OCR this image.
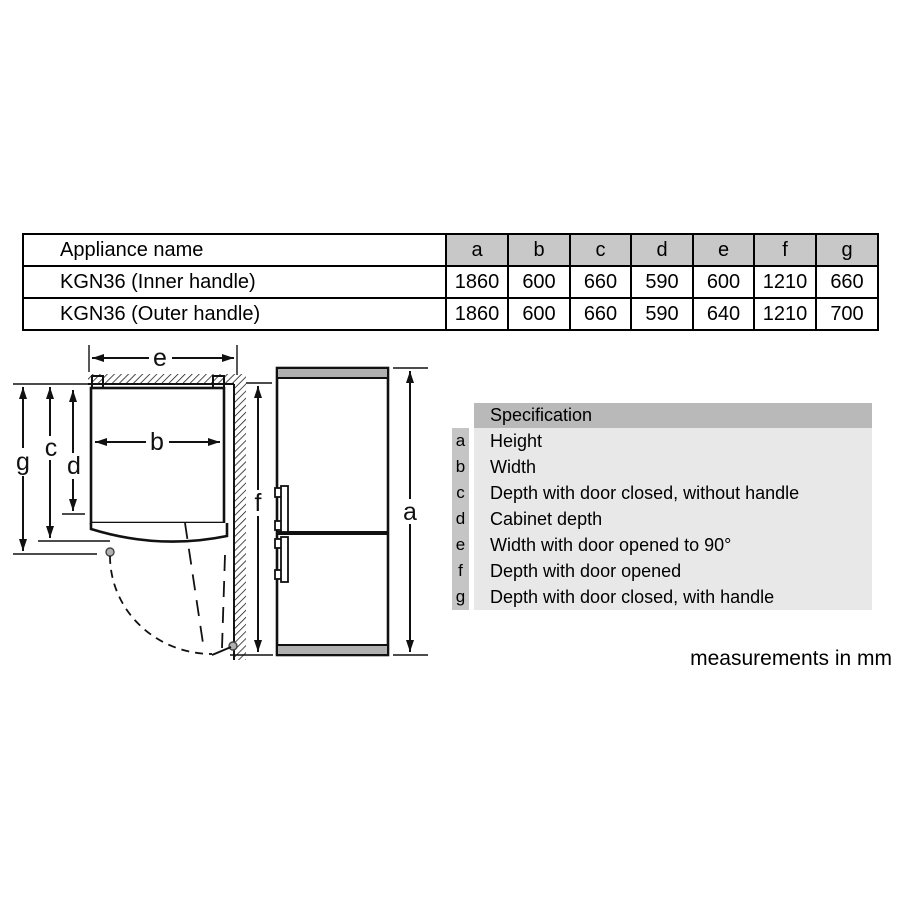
Appliance name	a	b	c	d	e	f	g
KGN36 (Inner handle)	1860	600	660	590	600	1210	660
KGN36 (Outer handle)	1860	600	660	590	640	1210	700
g c
d
e
b
f	a
Specification
a	Height
b	Width
c	Depth with door closed, without handle
d	Cabinet depth
e	Width with door opened to 90°
f	Depth with door opened
g	Depth with door closed, with handle
measurements in mm
